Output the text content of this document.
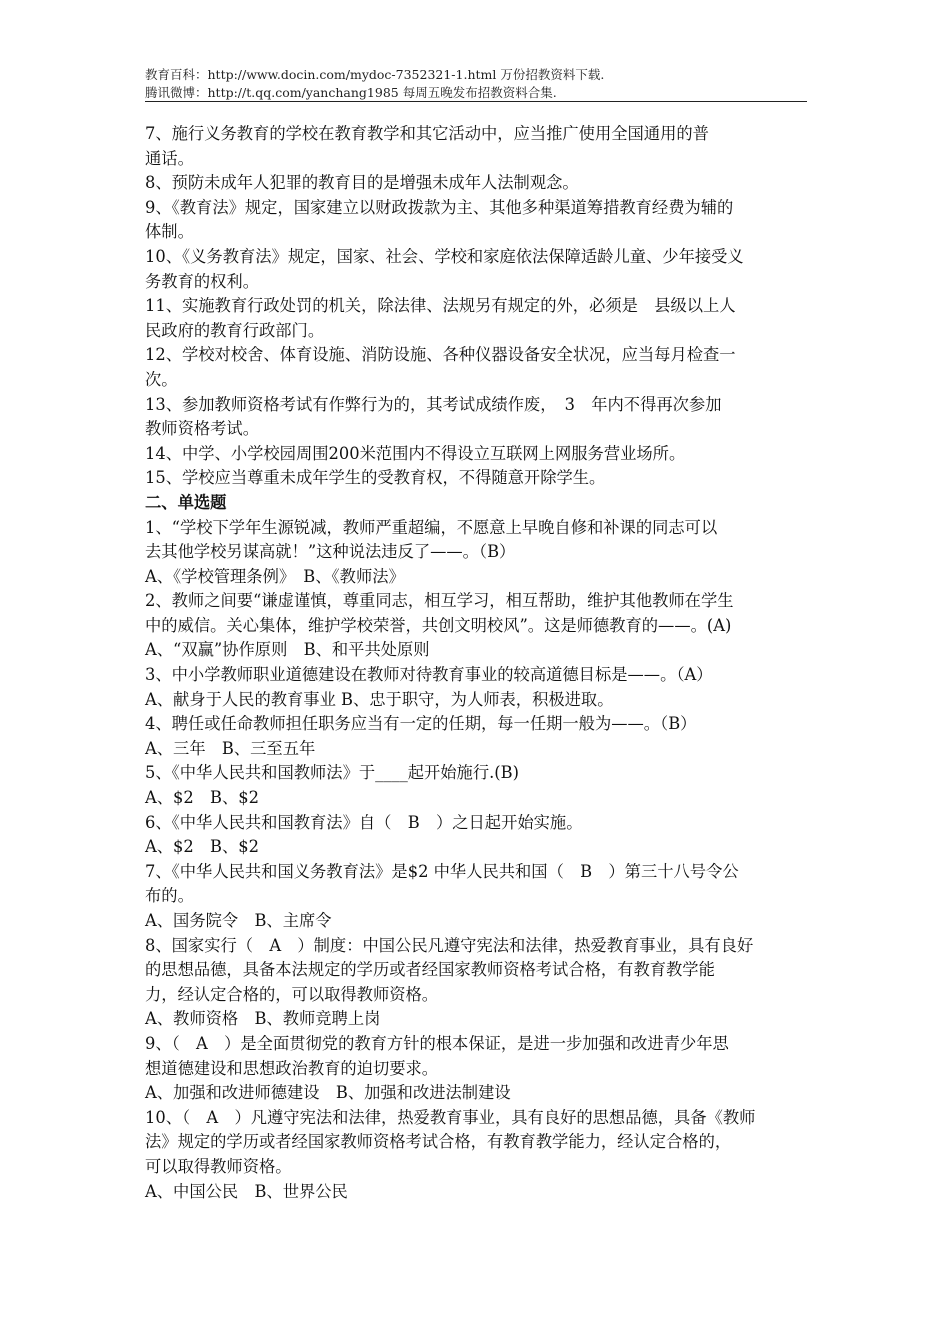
教育百科：http://www.docin.com/mydoc-7352321-1.html 万份招教资料下载.
腾讯微博：http://t.qq.com/yanchang1985 每周五晚发布招教资料合集.

7、施行义务教育的学校在教育教学和其它活动中，应当推广使用全国通用的普

通话。

8、预防未成年人犯罪的教育目的是增强未成年人法制观念。

9、《教育法》规定，国家建立以财政拨款为主、其他多种渠道筹措教育经费为辅的

体制。

10、《义务教育法》规定，国家、社会、学校和家庭依法保障适龄儿童、少年接受义

务教育的权利。

11、实施教育行政处罚的机关，除法律、法规另有规定的外，必须是　县级以上人

民政府的教育行政部门。

12、学校对校舍、体育设施、消防设施、各种仪器设备安全状况，应当每月检查一

次。

13、参加教师资格考试有作弊行为的，其考试成绩作废，　3　年内不得再次参加

教师资格考试。

14、中学、小学校园周围200米范围内不得设立互联网上网服务营业场所。

15、学校应当尊重未成年学生的受教育权，不得随意开除学生。

二、单选题

1、“学校下学年生源锐减，教师严重超编，不愿意上早晚自修和补课的同志可以

去其他学校另谋高就！”这种说法违反了——。（B）

A、《学校管理条例》　B、《教师法》

2、教师之间要“谦虚谨慎，尊重同志，相互学习，相互帮助，维护其他教师在学生

中的威信。关心集体，维护学校荣誉，共创文明校风”。这是师德教育的——。(A)

A、“双赢”协作原则　B、和平共处原则

3、中小学教师职业道德建设在教师对待教育事业的较高道德目标是——。（A）

A、献身于人民的教育事业 B、忠于职守，为人师表，积极进取。

4、聘任或任命教师担任职务应当有一定的任期，每一任期一般为——。（B）

A、三年　B、三至五年

5、《中华人民共和国教师法》于____起开始施行.(B)

A、$2　B、$2

6、《中华人民共和国教育法》自（　B　）之日起开始实施。

A、$2　B、$2

7、《中华人民共和国义务教育法》是$2 中华人民共和国（　B　）第三十八号令公

布的。

A、国务院令　B、主席令

8、国家实行（　A　）制度：中国公民凡遵守宪法和法律，热爱教育事业，具有良好

的思想品德，具备本法规定的学历或者经国家教师资格考试合格，有教育教学能

力，经认定合格的，可以取得教师资格。

A、教师资格　B、教师竞聘上岗

9、（　A　）是全面贯彻党的教育方针的根本保证，是进一步加强和改进青少年思

想道德建设和思想政治教育的迫切要求。

A、加强和改进师德建设　B、加强和改进法制建设

10、（　A　）凡遵守宪法和法律，热爱教育事业，具有良好的思想品德，具备《教师

法》规定的学历或者经国家教师资格考试合格，有教育教学能力，经认定合格的，

可以取得教师资格。

A、中国公民　B、世界公民
